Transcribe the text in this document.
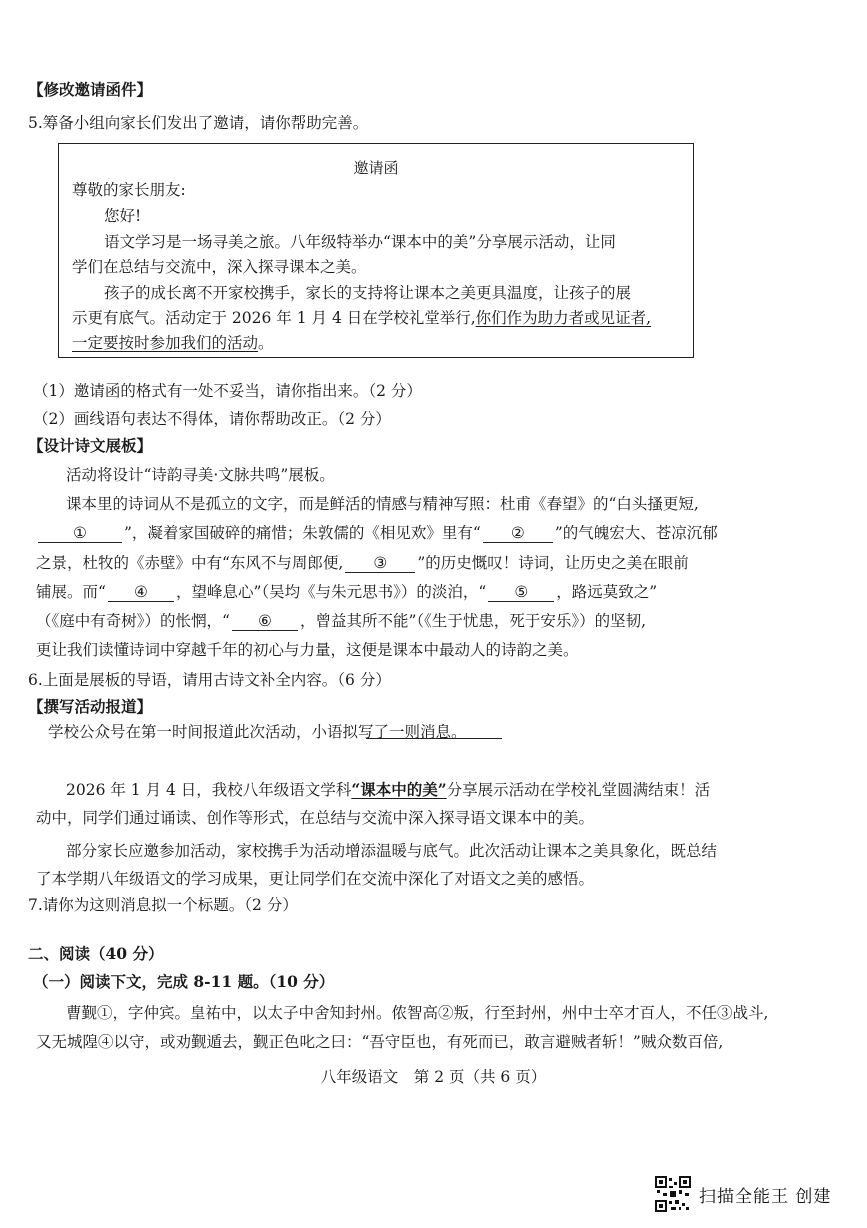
【修改邀请函件】
5.筹备小组向家长们发出了邀请，请你帮助完善。
邀请函
尊敬的家长朋友:
您好!
语文学习是一场寻美之旅。八年级特举办“课本中的美”分享展示活动，让同
学们在总结与交流中，深入探寻课本之美。
孩子的成长离不开家校携手，家长的支持将让课本之美更具温度，让孩子的展
示更有底气。活动定于 2026 年 1 月 4 日在学校礼堂举行,你们作为助力者或见证者,
一定要按时参加我们的活动。
（1）邀请函的格式有一处不妥当，请你指出来。（2 分）
（2）画线语句表达不得体，请你帮助改正。（2 分）
【设计诗文展板】
活动将设计“诗韵寻美·文脉共鸣”展板。
课本里的诗词从不是孤立的文字，而是鲜活的情感与精神写照：杜甫《春望》的“白头搔更短,
① ”，凝着家国破碎的痛惜；朱敦儒的《相见欢》里有“ ② ”的气魄宏大、苍凉沉郁
之景，杜牧的《赤壁》中有“东风不与周郎便, ③ ”的历史慨叹！诗词，让历史之美在眼前
铺展。而“ ④ ，望峰息心”（吴均《与朱元思书》）的淡泊，“ ⑤ ，路远莫致之”
（《庭中有奇树》）的怅惘，“ ⑥ ，曾益其所不能”（《生于忧患，死于安乐》）的坚韧,
更让我们读懂诗词中穿越千年的初心与力量，这便是课本中最动人的诗韵之美。
6.上面是展板的导语，请用古诗文补全内容。（6 分）
【撰写活动报道】
学校公众号在第一时间报道此次活动，小语拟写了一则消息。
2026 年 1 月 4 日，我校八年级语文学科“课本中的美”分享展示活动在学校礼堂圆满结束！活
动中，同学们通过诵读、创作等形式，在总结与交流中深入探寻语文课本中的美。
部分家长应邀参加活动，家校携手为活动增添温暖与底气。此次活动让课本之美具象化，既总结
了本学期八年级语文的学习成果，更让同学们在交流中深化了对语文之美的感悟。
7.请你为这则消息拟一个标题。（2 分）
二、阅读（40 分）
（一）阅读下文，完成 8-11 题。（10 分）
曹觐①，字仲宾。皇祐中，以太子中舍知封州。侬智高②叛，行至封州，州中士卒才百人，不任③战斗,
又无城隍④以守，或劝觐遁去，觐正色叱之曰：“吾守臣也，有死而已，敢言避贼者斩！”贼众数百倍,
八年级语文　第 2 页（共 6 页）
扫描全能王 创建
